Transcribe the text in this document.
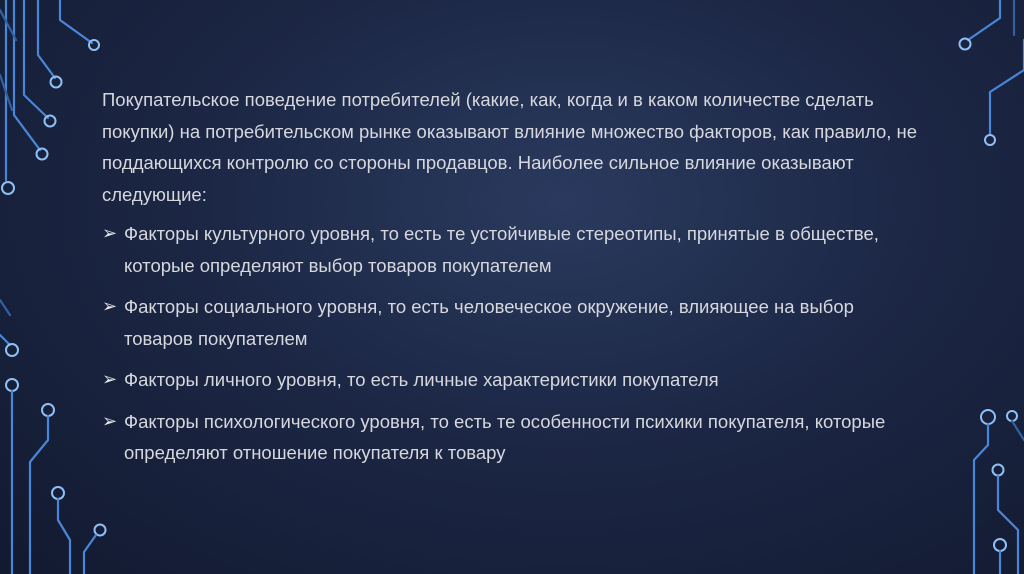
Покупательское поведение потребителей (какие, как, когда и в каком количестве сделать покупки) на потребительском рынке оказывают влияние множество факторов, как правило, не поддающихся контролю со стороны продавцов. Наиболее сильное влияние оказывают следующие:
➢ Факторы культурного уровня, то есть те устойчивые стереотипы, принятые в обществе, которые определяют выбор товаров покупателем
➢ Факторы социального уровня, то есть человеческое окружение, влияющее на выбор товаров покупателем
➢ Факторы личного уровня, то есть личные характеристики покупателя
➢ Факторы психологического уровня, то есть те особенности психики покупателя, которые определяют отношение покупателя к товару
